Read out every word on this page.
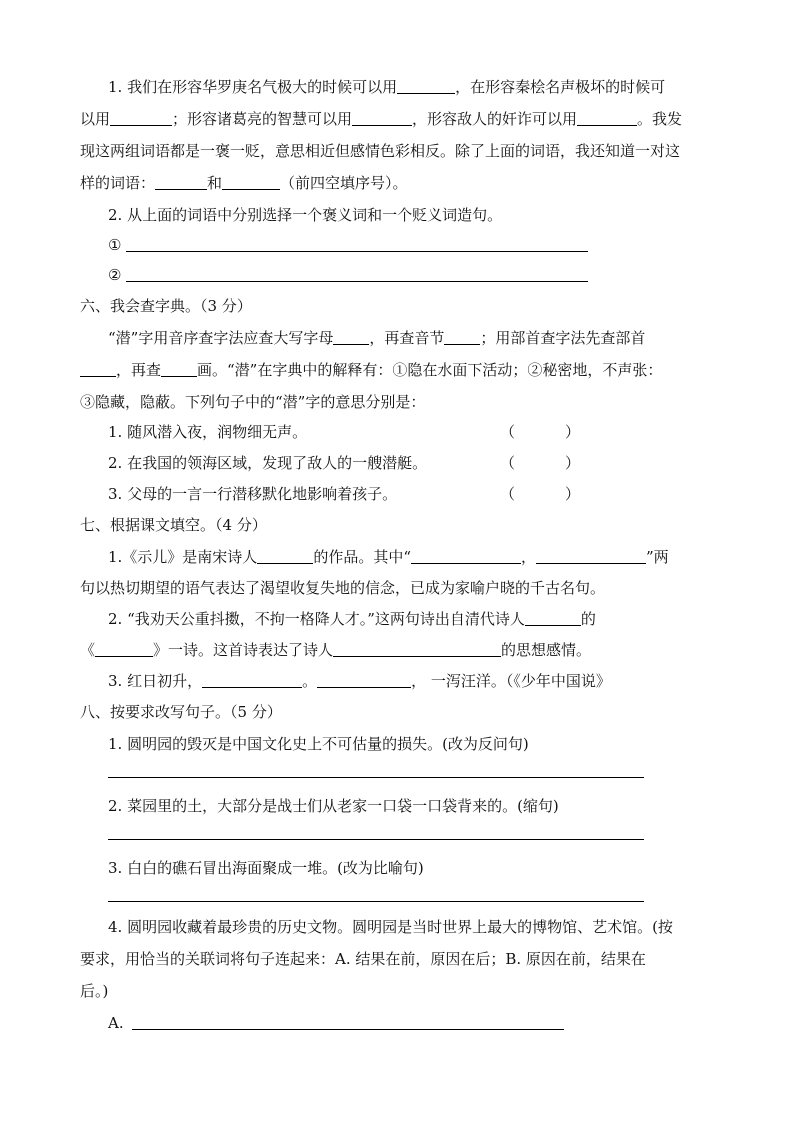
1. 我们在形容华罗庚名气极大的时候可以用	，在形容秦桧名声极坏的时候可
以用	；形容诸葛亮的智慧可以用	，形容敌人的奸诈可以用	。我发
现这两组词语都是一褒一贬，意思相近但感情色彩相反。除了上面的词语，我还知道一对这
样的词语：	和	（前四空填序号）。
2. 从上面的词语中分别选择一个褒义词和一个贬义词造句。
①
②
六、我会查字典。（3 分）
“潜”字用音序查字法应查大写字母 ，再查音节 ；用部首查字法先查部首
，再查 画。“潜”在字典中的解释有：①隐在水面下活动；②秘密地，不声张：
③隐藏，隐蔽。下列句子中的“潜”字的意思分别是：
1. 随风潜入夜，润物细无声。	（	）
2. 在我国的领海区域，发现了敌人的一艘潜艇。	（	）
3. 父母的一言一行潜移默化地影响着孩子。	（	）
七、根据课文填空。（4 分）
1.《示儿》是南宋诗人	的作品。其中“	，	”两
句以热切期望的语气表达了渴望收复失地的信念，已成为家喻户晓的千古名句。
2. “我劝天公重抖擞，不拘一格降人才。”这两句诗出自清代诗人	的
《	》一诗。这首诗表达了诗人	的思想感情。
3. 红日初升，	。	， 一泻汪洋。（《少年中国说》
八、按要求改写句子。（5 分）
1. 圆明园的毁灭是中国文化史上不可估量的损失。(改为反问句)
2. 菜园里的土，大部分是战士们从老家一口袋一口袋背来的。(缩句)
3. 白白的礁石冒出海面聚成一堆。(改为比喻句)
4. 圆明园收藏着最珍贵的历史文物。圆明园是当时世界上最大的博物馆、艺术馆。(按
要求，用恰当的关联词将句子连起来：A. 结果在前，原因在后；B. 原因在前，结果在
后。)
A.
